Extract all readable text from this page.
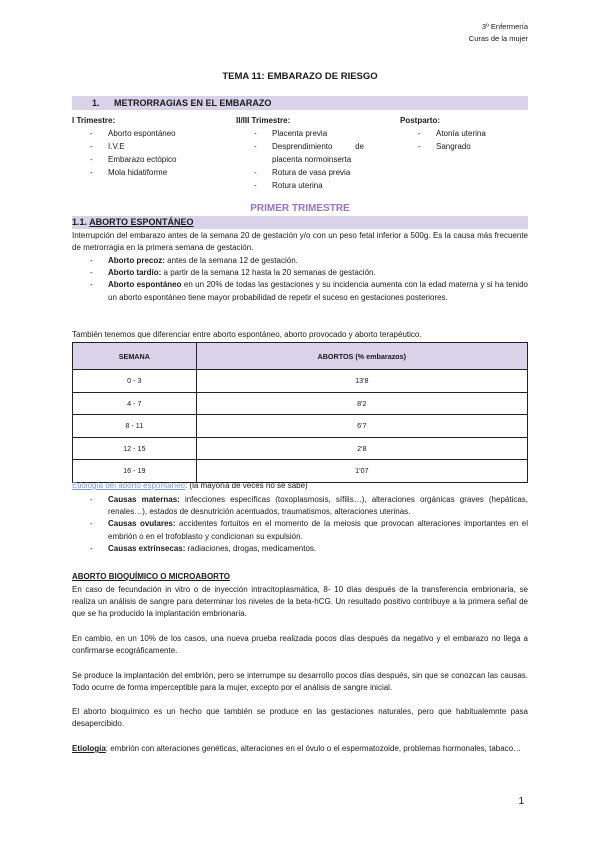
3º Enfermería
Curas de la mujer
TEMA 11: EMBARAZO DE RIESGO
1. METRORRAGIAS EN EL EMBARAZO
I Trimestre:
- Aborto espontáneo
- I.V.E
- Embarazo ectópico
- Mola hidatiforme
II/III Trimestre:
- Placenta previa
- Desprendimiento de placenta normoinserta
- Rotura de vasa previa
- Rotura uterina
Postparto:
- Atonía uterina
- Sangrado
PRIMER TRIMESTRE
1.1. ABORTO ESPONTÁNEO
Interrupción del embarazo antes de la semana 20 de gestación y/o con un peso fetal inferior a 500g. Es la causa más frecuente de metrorragia en la primera semana de gestación.
- Aborto precoz: antes de la semana 12 de gestación.
- Aborto tardío: a partir de la semana 12 hasta la 20 semanas de gestación.
- Aborto espontáneo en un 20% de todas las gestaciones y su incidencia aumenta con la edad materna y si ha tenido un aborto espontáneo tiene mayor probabilidad de repetir el suceso en gestaciones posteriores.
También tenemos que diferenciar entre aborto espontáneo, aborto provocado y aborto terapéutico.
SEMANA	ABORTOS (% embarazos)
0 - 3	13'8
4 - 7	8'2
8 - 11	6'7
12 - 15	2'8
16 - 19	1'07
Etiología del aborto espontáneo: (la mayoría de veces no se sabe)
- Causas maternas: infecciones específicas (toxoplasmosis, sífilis…), alteraciones orgánicas graves (hepáticas, renales…), estados de desnutrición acentuados, traumatismos, alteraciones uterinas.
- Causas ovulares: accidentes fortuitos en el momento de la meiosis que provocan alteraciones importantes en el embrión o en el trofoblasto y condicionan su expulsión.
- Causas extrínsecas: radiaciones, drogas, medicamentos.
ABORTO BIOQUÍMICO O MICROABORTO
En caso de fecundación in vitro o de inyección intracitoplasmática, 8- 10 días después de la transferencia embrionaria, se realiza un análisis de sangre para determinar los niveles de la beta-hCG. Un resultado positivo contribuye a la primera señal de que se ha producido la implantación embrionaria.
En cambio, en un 10% de los casos, una nueva prueba realizada pocos días después da negativo y el embarazo no llega a confirmarse ecográficamente.
Se produce la implantación del embrión, pero se interrumpe su desarrollo pocos días después, sin que se conozcan las causas. Todo ocurre de forma imperceptible para la mujer, excepto por el análisis de sangre inicial.
El aborto bioquímico es un hecho que también se produce en las gestaciones naturales, pero que habitualemnte pasa desapercibido.
Etiología: embrión con alteraciones genéticas, alteraciones en el óvulo o el espermatozoide, problemas hormonales, tabaco…
1
